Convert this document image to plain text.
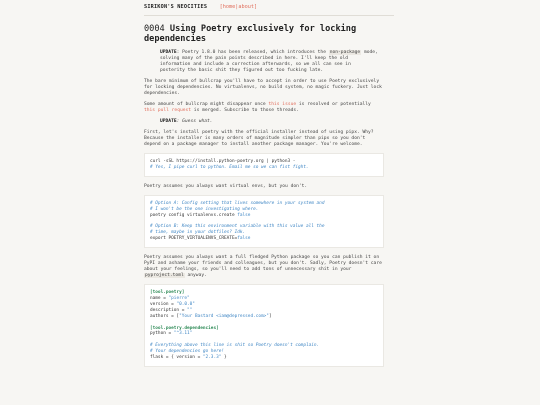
SIRIKON'S NEOCITIES [home|about]
0004 Using Poetry exclusively for locking dependencies
UPDATE: Poetry 1.8.0 has been released, which introduces the non-package mode, solving many of the pain points described in here. I'll keep the old information and include a correction afterwards, so we all can see in posterity the basic shit they figured out too fucking late.

The bare minimum of bullcrap you'll have to accept in order to use Poetry exclusively for locking dependencies. No virtualenvs, no build system, no magic fuckery. Just lock dependencies.

Some amount of bullcrap might disappear once this issue is resolved or potentially this pull request is merged. Subscribe to those threads.

UPDATE: Guess what.

First, let's install poetry with the official installer instead of using pipx. Why? Because the installer is many orders of magnitude simpler than pipx so you don't depend on a package manager to install another package manager. You're welcome.

curl -sSL https://install.python-poetry.org | python3 -
# Yes, I pipe curl to python. Email me so we can fist fight.

Poetry assumes you always want virtual envs, but you don't.

# Option A: Config setting that lives somewhere in your system and
# I won't be the one investigating where.
poetry config virtualenvs.create false
# Option B: Keep this environment variable with this value all the
# time, maybe in your dotfiles? Idk.
export POETRY_VIRTUALENVS_CREATE=false

Poetry assumes you always want a full fledged Python package so you can publish it on PyPI and ashame your friends and colleagues, but you don't. Sadly, Poetry doesn't care about your feelings, so you'll need to add tons of unnecessary shit in your pyproject.toml anyway.

[tool.poetry]
name = "pierre"
version = "0.0.0"
description = ""
authors = ["Your Bastard <iam@depressed.com>"]
[tool.poetry.dependencies]
python = "^3.11"
# Everything above this line is shit so Poetry doesn't complain.
# Your dependencies go here!
flask = { version = "2.3.3" }
